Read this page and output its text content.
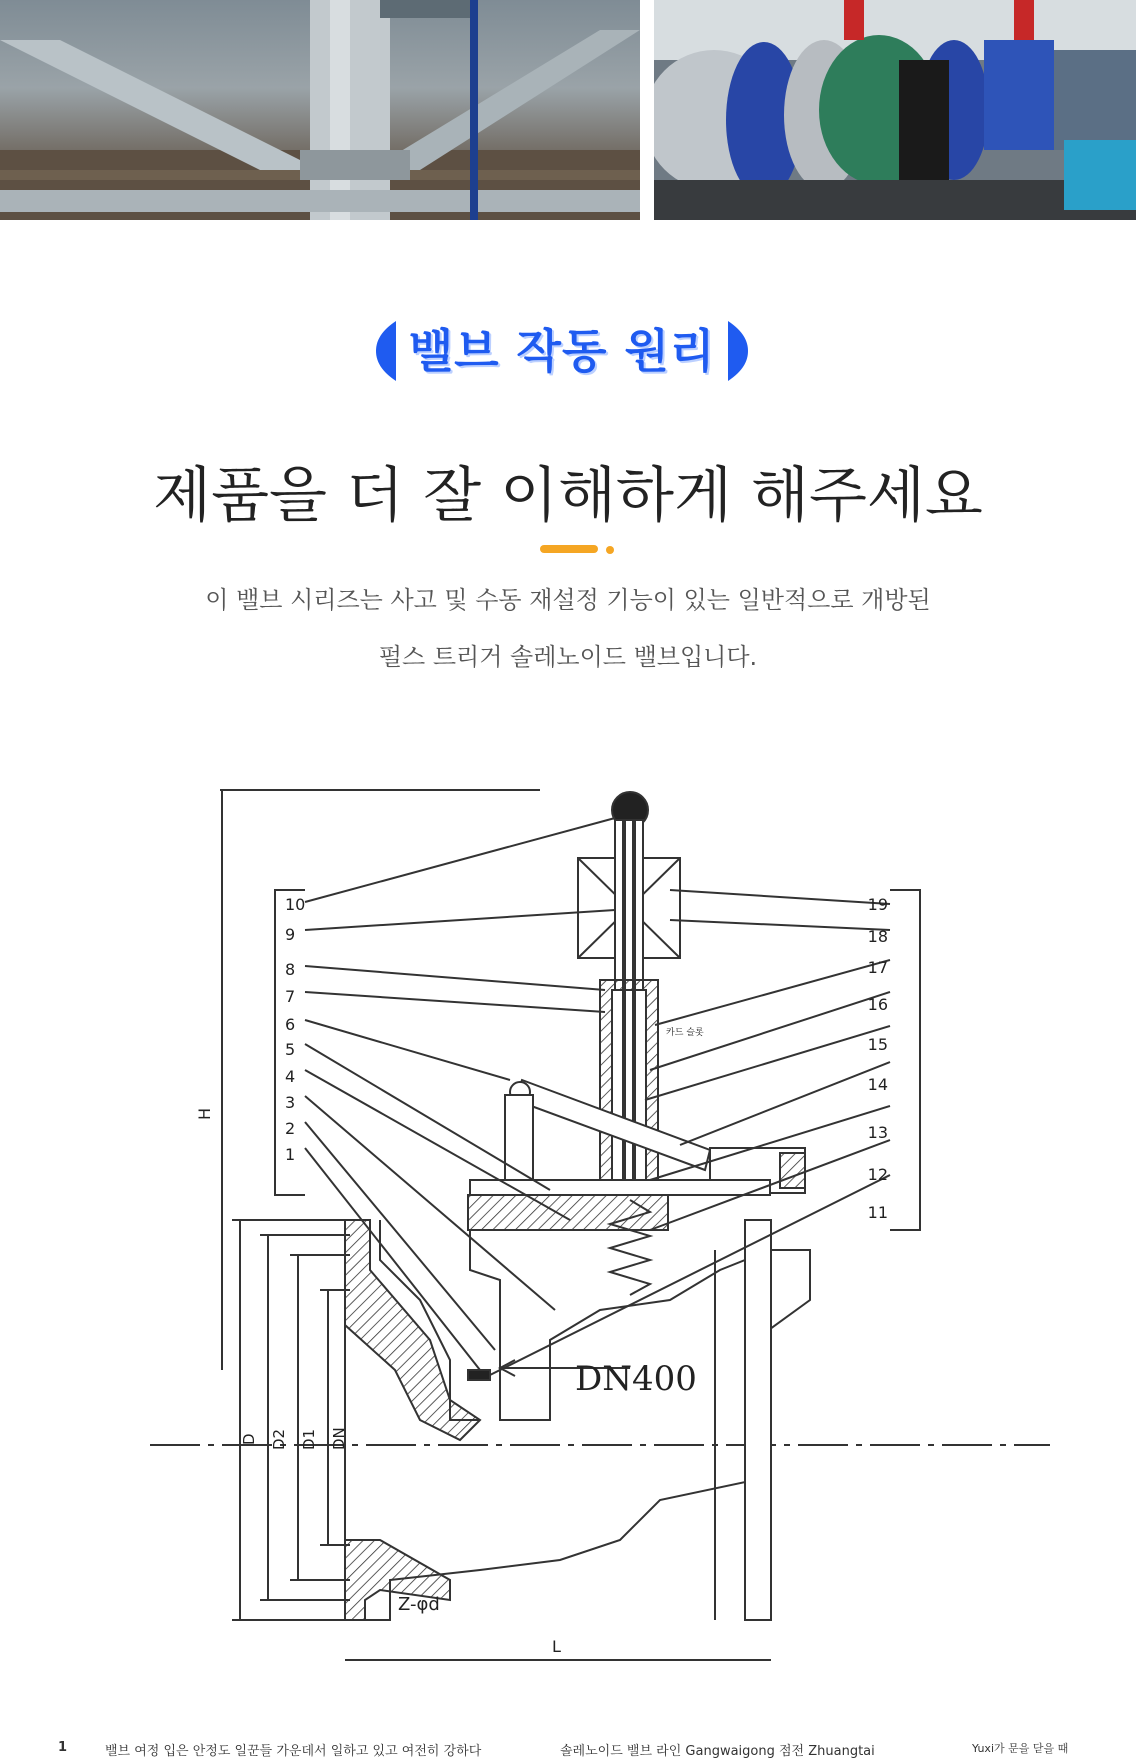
밸브 작동 원리
제품을 더 잘 이해하게 해주세요
이 밸브 시리즈는 사고 및 수동 재설정 기능이 있는 일반적으로 개방된
펄스 트리거 솔레노이드 밸브입니다.
10
9
8
7
6
5
4
3
2
1
19
18
17
16
15
14
13
12
11
카드 슬롯
DN400
H
D D2 D1 DN
Z-φd
L
1	밸브 여정 입은 안정도 일꾼들 가운데서 일하고 있고 여전히 강하다	솔레노이드 밸브 라인 Gangwaigong 점전 Zhuangtai	Yuxi가 문을 닫을 때
